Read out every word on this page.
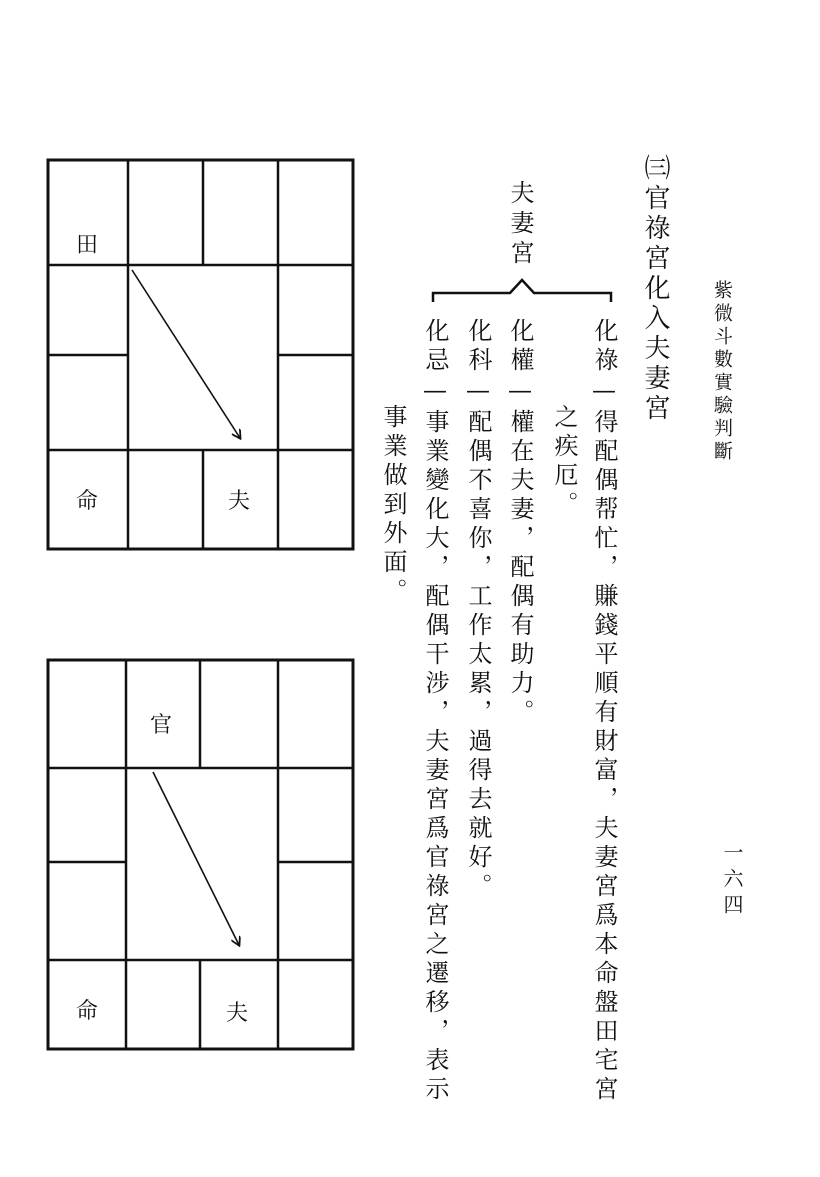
紫微斗數實驗判斷
一六四
㈢官祿宮化入夫妻宮
夫妻宮
化祿—得配偶帮忙，賺錢平順有財富，夫妻宮爲本命盤田宅宮
之疾厄。
化權—權在夫妻，配偶有助力。
化科—配偶不喜你，工作太累，過得去就好。
化忌—事業變化大，配偶干涉，夫妻宮爲官祿宮之遷移，表示
事業做到外面。
田
命	夫
官
命	夫
